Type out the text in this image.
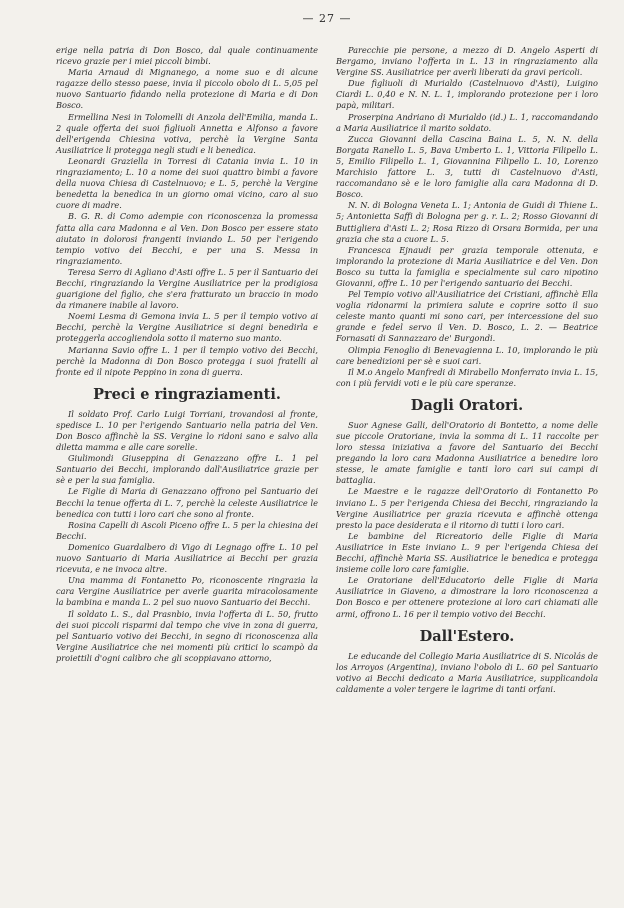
— 27 —

erige nella patria di Don Bosco, dal quale continuamente ricevo grazie per i miei piccoli bimbi.

Maria Arnaud di Mignanego, a nome suo e di alcune ragazze dello stesso paese, invia il piccolo obolo di L. 5,05 pel nuovo Santuario fidando nella protezione di Maria e di Don Bosco.

Ermellina Nesi in Tolomelli di Anzola dell'Emilia, manda L. 2 quale offerta dei suoi figliuoli Annetta e Alfonso a favore dell'erigenda Chiesina votiva, perchè la Vergine Santa Ausiliatrice li protegga negli studi e li benedica.

Leonardi Graziella in Torresi di Catania invia L. 10 in ringraziamento; L. 10 a nome dei suoi quattro bimbi a favore della nuova Chiesa di Castelnuovo; e L. 5, perchè la Vergine benedetta la benedica in un giorno omai vicino, caro al suo cuore di madre.

B. G. R. di Como adempie con riconoscenza la promessa fatta alla cara Madonna e al Ven. Don Bosco per essere stato aiutato in dolorosi frangenti inviando L. 50 per l'erigendo tempio votivo dei Becchi, e per una S. Messa in ringraziamento.

Teresa Serro di Agliano d'Asti offre L. 5 per il Santuario dei Becchi, ringraziando la Vergine Ausiliatrice per la prodigiosa guarigione del figlio, che s'era fratturato un braccio in modo da rimanere inabile al lavoro.

Noemi Lesma di Gemona invia L. 5 per il tempio votivo ai Becchi, perchè la Vergine Ausiliatrice si degni benedirla e proteggerla accogliendola sotto il materno suo manto.

Marianna Savio offre L. 1 per il tempio votivo dei Becchi, perchè la Madonna di Don Bosco protegga i suoi fratelli al fronte ed il nipote Peppino in zona di guerra.

Preci e ringraziamenti.

Il soldato Prof. Carlo Luigi Torriani, trovandosi al fronte, spedisce L. 10 per l'erigendo Santuario nella patria del Ven. Don Bosco affinchè la SS. Vergine lo ridoni sano e salvo alla diletta mamma e alle care sorelle.

Giulimondi Giuseppina di Genazzano offre L. 1 pel Santuario dei Becchi, implorando dall'Ausiliatrice grazie per sè e per la sua famiglia.

Le Figlie di Maria di Genazzano offrono pel Santuario dei Becchi la tenue offerta di L. 7, perchè la celeste Ausiliatrice le benedica con tutti i loro cari che sono al fronte.

Rosina Capelli di Ascoli Piceno offre L. 5 per la chiesina dei Becchi.

Domenico Guardalbero di Vigo di Legnago offre L. 10 pel nuovo Santuario di Maria Ausiliatrice ai Becchi per grazia ricevuta, e ne invoca altre.

Una mamma di Fontanetto Po, riconoscente ringrazia la cara Vergine Ausiliatrice per averle guarita miracolosamente la bambina e manda L. 2 pel suo nuovo Santuario dei Becchi.

Il soldato L. S., dal Prasnbio, invia l'offerta di L. 50, frutto dei suoi piccoli risparmi dal tempo che vive in zona di guerra, pel Santuario votivo dei Becchi, in segno di riconoscenza alla Vergine Ausiliatrice che nei momenti più critici lo scampò da proiettili d'ogni calibro che gli scoppiavano attorno,

Parecchie pie persone, a mezzo di D. Angelo Asperti di Bergamo, inviano l'offerta in L. 13 in ringraziamento alla Vergine SS. Ausiliatrice per averli liberati da gravi pericoli.

Due figliuoli di Murialdo (Castelnuovo d'Asti), Luigino Ciardi L. 0,40 e N. N. L. 1, implorando protezione per i loro papà, militari.

Proserpina Andriano di Murialdo (id.) L. 1, raccomandando a Maria Ausiliatrice il marito soldato.

Zucca Giovanni della Cascina Baina L. 5, N. N. della Borgata Ranello L. 5, Bava Umberto L. 1, Vittoria Filipello L. 5, Emilio Filipello L. 1, Giovannina Filipello L. 10, Lorenzo Marchisio fattore L. 3, tutti di Castelnuovo d'Asti, raccomandano sè e le loro famiglie alla cara Madonna di D. Bosco.

N. N. di Bologna Veneta L. 1; Antonia de Guidi di Thiene L. 5; Antonietta Saffi di Bologna per g. r. L. 2; Rosso Giovanni di Buttigliera d'Asti L. 2; Rosa Rizzo di Orsara Bormida, per una grazia che sta a cuore L. 5.

Francesca Ejnaudi per grazia temporale ottenuta, e implorando la protezione di Maria Ausiliatrice e del Ven. Don Bosco su tutta la famiglia e specialmente sul caro nipotino Giovanni, offre L. 10 per l'erigendo santuario dei Becchi.

Pel Tempio votivo all'Ausiliatrice dei Cristiani, affinchè Ella voglia ridonarmi la primiera salute e coprire sotto il suo celeste manto quanti mi sono cari, per intercessione del suo grande e fedel servo il Ven. D. Bosco, L. 2. — Beatrice Fornasati di Sannazzaro de' Burgondi.

Olimpia Fenoglio di Benevagienna L. 10, implorando le più care benedizioni per sè e suoi cari.

Il M.o Angelo Manfredi di Mirabello Monferrato invia L. 15, con i più fervidi voti e le più care speranze.

Dagli Oratori.

Suor Agnese Galli, dell'Oratorio di Bontetto, a nome delle sue piccole Oratoriane, invia la somma di L. 11 raccolte per loro stessa iniziativa a favore del Santuario dei Becchi pregando la loro cara Madonna Ausiliatrice a benedire loro stesse, le amate famiglie e tanti loro cari sui campi di battaglia.

Le Maestre e le ragazze dell'Oratorio di Fontanetto Po inviano L. 5 per l'erigenda Chiesa dei Becchi, ringraziando la Vergine Ausiliatrice per grazia ricevuta e affinchè ottenga presto la pace desiderata e il ritorno di tutti i loro cari.

Le bambine del Ricreatorio delle Figlie di Maria Ausiliatrice in Este inviano L. 9 per l'erigenda Chiesa dei Becchi, affinchè Maria SS. Ausiliatrice le benedica e protegga insieme colle loro care famiglie.

Le Oratoriane dell'Educatorio delle Figlie di Maria Ausiliatrice in Giaveno, a dimostrare la loro riconoscenza a Don Bosco e per ottenere protezione ai loro cari chiamati alle armi, offrono L. 16 per il tempio votivo dei Becchi.

Dall'Estero.

Le educande del Collegio Maria Ausiliatrice di S. Nicolás de los Arroyos (Argentina), inviano l'obolo di L. 60 pel Santuario votivo ai Becchi dedicato a Maria Ausiliatrice, supplicandola caldamente a voler tergere le lagrime di tanti orfani.
